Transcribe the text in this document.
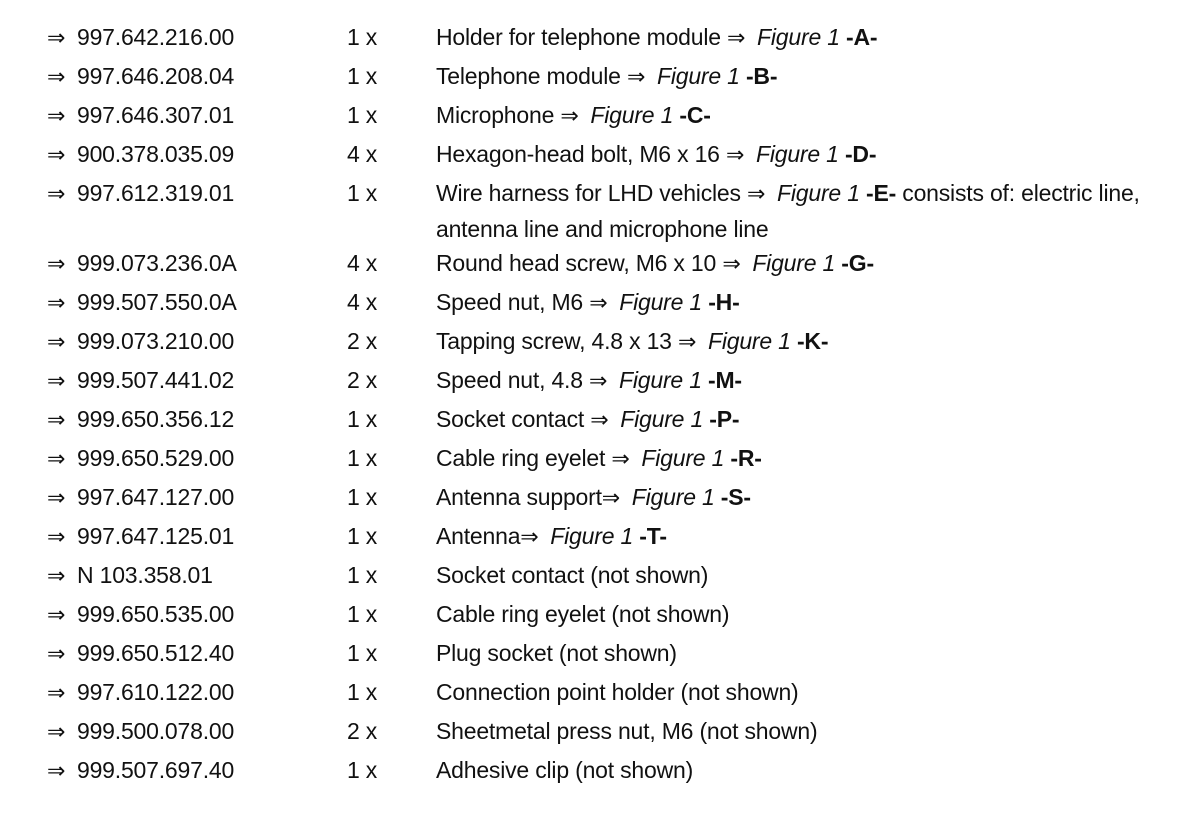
⇒ 997.642.216.00	1 x	Holder for telephone module ⇒ Figure 1 -A-
⇒ 997.646.208.04	1 x	Telephone module ⇒ Figure 1 -B-
⇒ 997.646.307.01	1 x	Microphone ⇒ Figure 1 -C-
⇒ 900.378.035.09	4 x	Hexagon-head bolt, M6 x 16 ⇒ Figure 1 -D-
⇒ 997.612.319.01	1 x	Wire harness for LHD vehicles ⇒ Figure 1 -E- consists of: electric line, antenna line and microphone line
⇒ 999.073.236.0A	4 x	Round head screw, M6 x 10 ⇒ Figure 1 -G-
⇒ 999.507.550.0A	4 x	Speed nut, M6 ⇒ Figure 1 -H-
⇒ 999.073.210.00	2 x	Tapping screw, 4.8 x 13 ⇒ Figure 1 -K-
⇒ 999.507.441.02	2 x	Speed nut, 4.8 ⇒ Figure 1 -M-
⇒ 999.650.356.12	1 x	Socket contact ⇒ Figure 1 -P-
⇒ 999.650.529.00	1 x	Cable ring eyelet ⇒ Figure 1 -R-
⇒ 997.647.127.00	1 x	Antenna support⇒ Figure 1 -S-
⇒ 997.647.125.01	1 x	Antenna⇒ Figure 1 -T-
⇒ N 103.358.01	1 x	Socket contact (not shown)
⇒ 999.650.535.00	1 x	Cable ring eyelet (not shown)
⇒ 999.650.512.40	1 x	Plug socket (not shown)
⇒ 997.610.122.00	1 x	Connection point holder (not shown)
⇒ 999.500.078.00	2 x	Sheetmetal press nut, M6 (not shown)
⇒ 999.507.697.40	1 x	Adhesive clip (not shown)
